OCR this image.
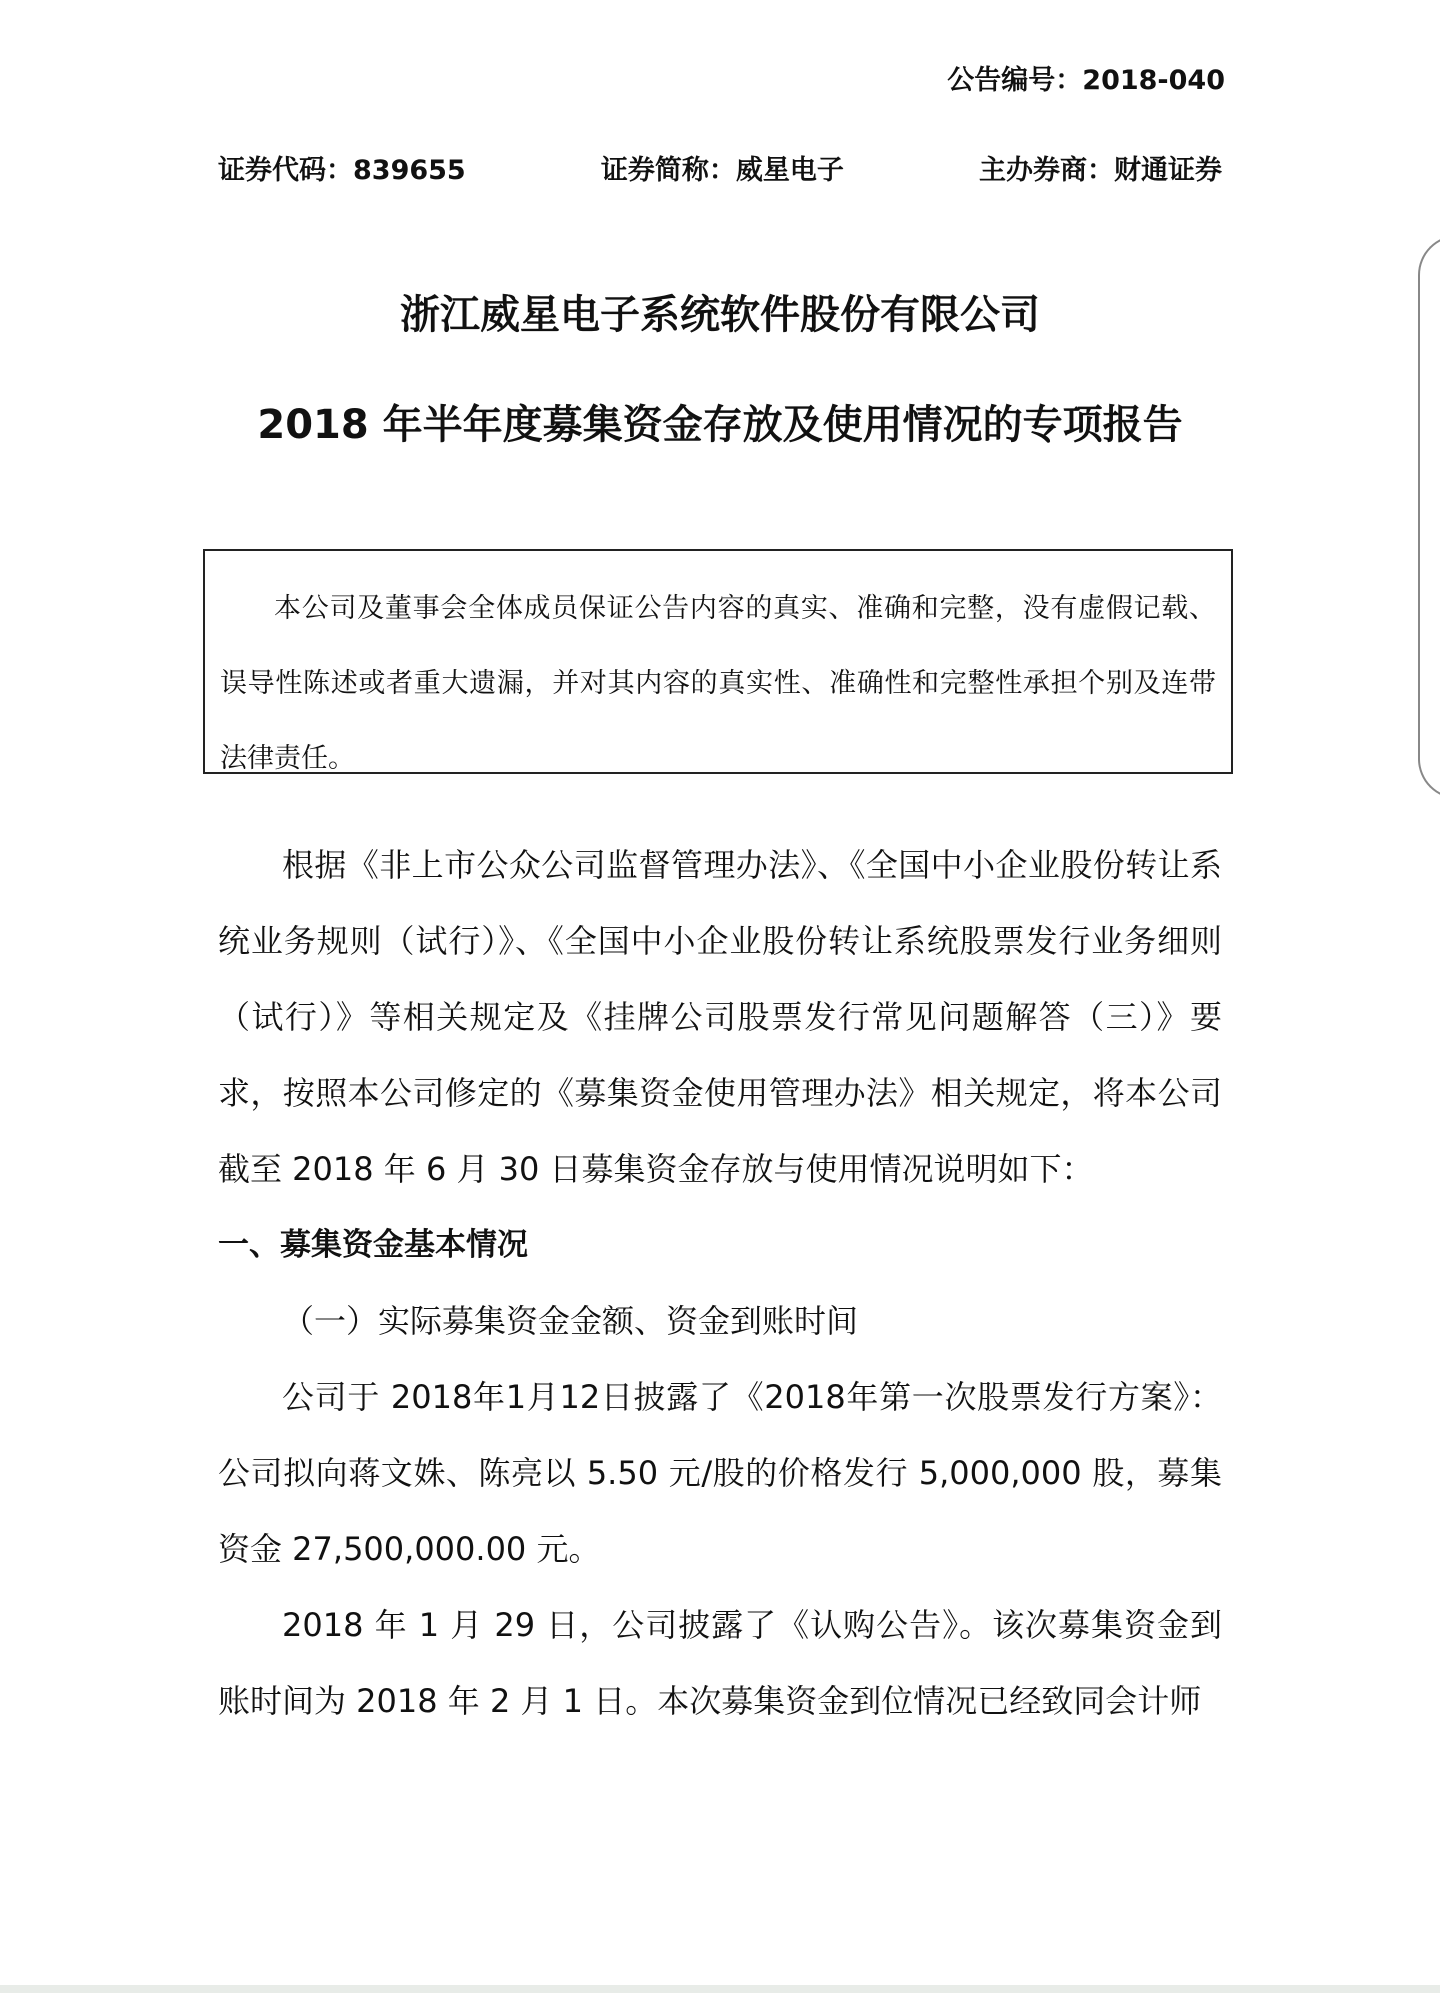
公告编号：2018-040
证券代码：839655	证券简称：威星电子	主办券商：财通证券
浙江威星电子系统软件股份有限公司
2018 年半年度募集资金存放及使用情况的专项报告
本公司及董事会全体成员保证公告内容的真实、准确和完整，没有虚假记载、误导性陈述或者重大遗漏，并对其内容的真实性、准确性和完整性承担个别及连带法律责任。

根据《非上市公众公司监督管理办法》、《全国中小企业股份转让系统业务规则（试行）》、《全国中小企业股份转让系统股票发行业务细则（试行）》等相关规定及《挂牌公司股票发行常见问题解答（三）》要求，按照本公司修定的《募集资金使用管理办法》相关规定，将本公司截至 2018 年 6 月 30 日募集资金存放与使用情况说明如下：

一、募集资金基本情况

（一）实际募集资金金额、资金到账时间

公司于 2018年1月12日披露了《2018年第一次股票发行方案》：公司拟向蒋文姝、陈亮以 5.50 元/股的价格发行 5,000,000 股，募集资金 27,500,000.00 元。

2018 年 1 月 29 日，公司披露了《认购公告》。该次募集资金到账时间为 2018 年 2 月 1 日。本次募集资金到位情况已经致同会计师
